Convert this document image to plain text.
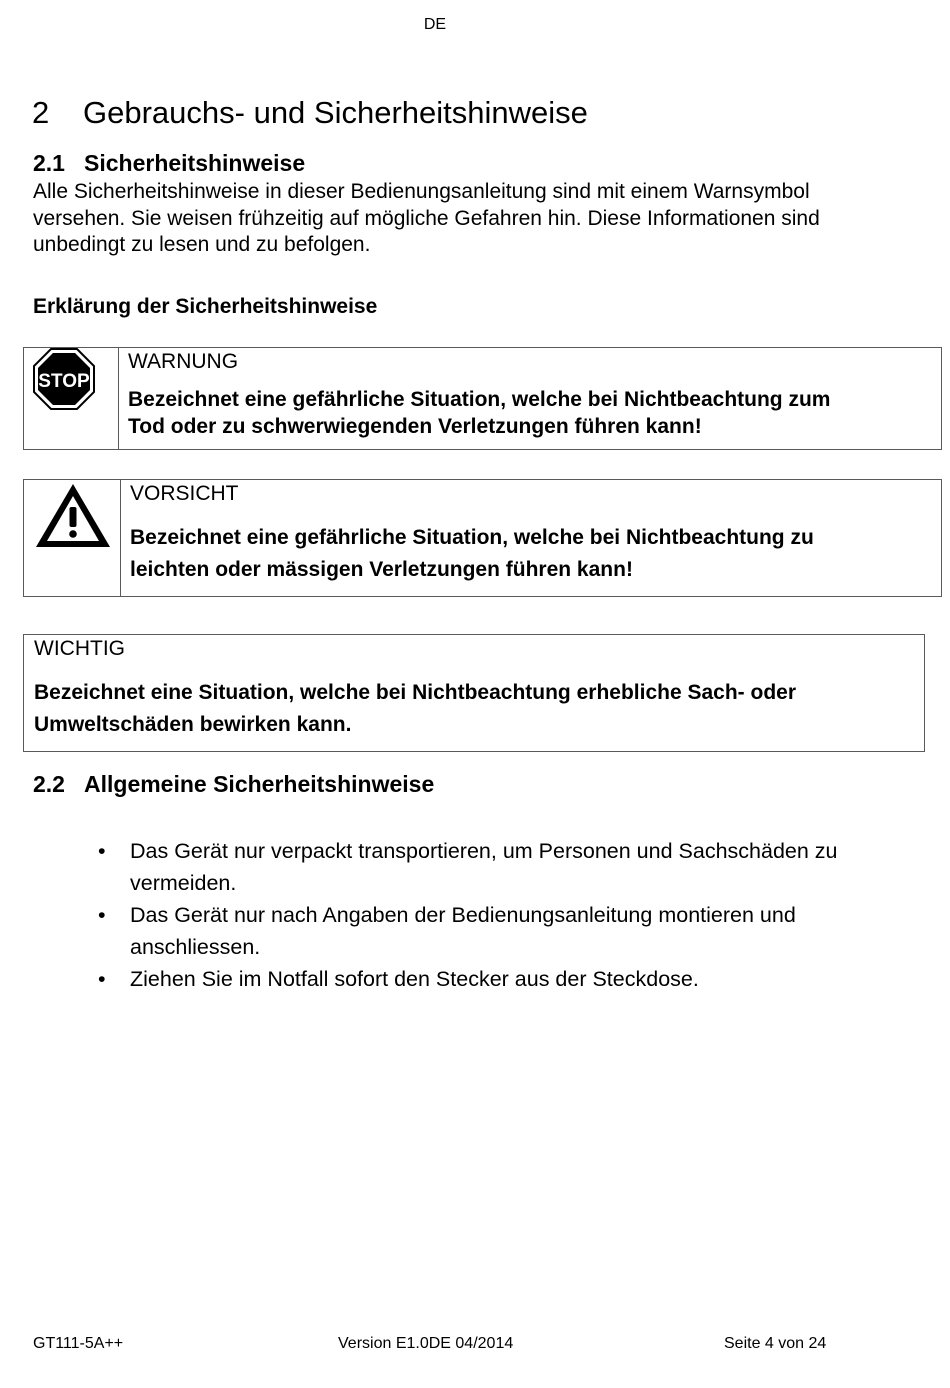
DE
2 Gebrauchs- und Sicherheitshinweise
2.1 Sicherheitshinweise
Alle Sicherheitshinweise in dieser Bedienungsanleitung sind mit einem Warnsymbol
versehen. Sie weisen frühzeitig auf mögliche Gefahren hin. Diese Informationen sind
unbedingt zu lesen und zu befolgen.
Erklärung der Sicherheitshinweise
STOP
WARNUNG
Bezeichnet eine gefährliche Situation, welche bei Nichtbeachtung zum
Tod oder zu schwerwiegenden Verletzungen führen kann!
VORSICHT
Bezeichnet eine gefährliche Situation, welche bei Nichtbeachtung zu
leichten oder mässigen Verletzungen führen kann!
WICHTIG
Bezeichnet eine Situation, welche bei Nichtbeachtung erhebliche Sach- oder
Umweltschäden bewirken kann.
2.2 Allgemeine Sicherheitshinweise
• Das Gerät nur verpackt transportieren, um Personen und Sachschäden zu
vermeiden.
• Das Gerät nur nach Angaben der Bedienungsanleitung montieren und
anschliessen.
• Ziehen Sie im Notfall sofort den Stecker aus der Steckdose.
GT111-5A++	Version E1.0DE 04/2014	Seite 4 von 24
